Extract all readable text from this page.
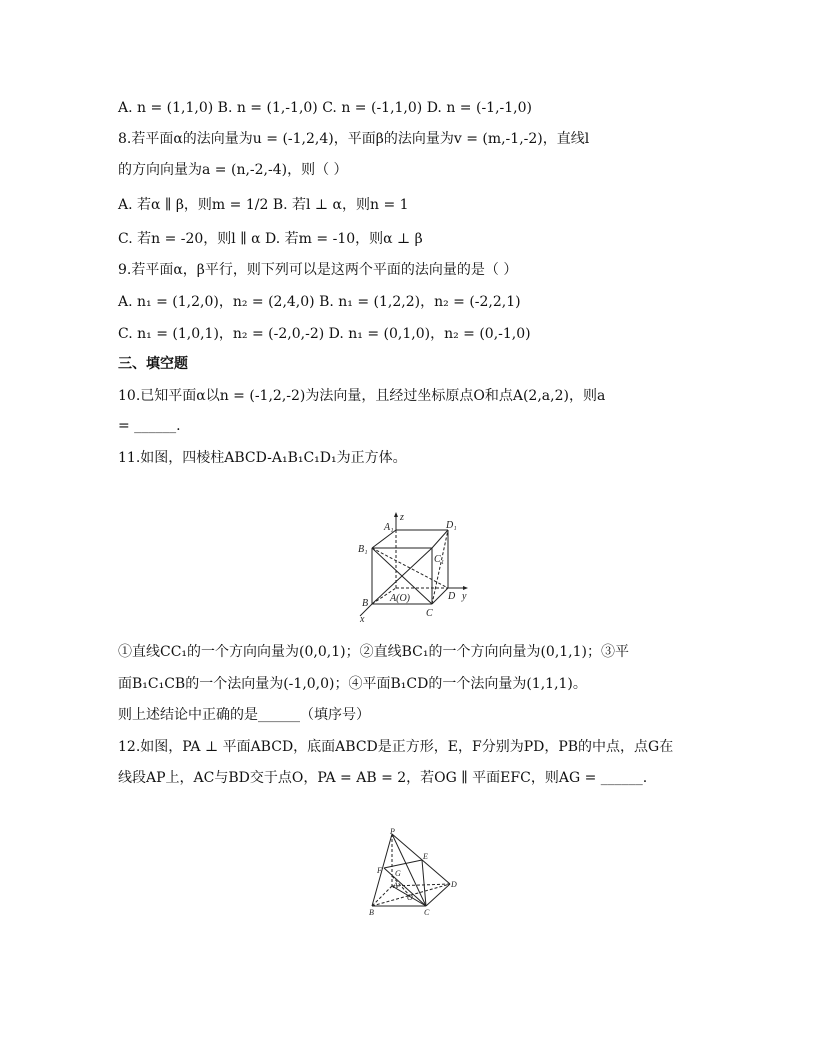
A. n = (1,1,0) B. n = (1,-1,0) C. n = (-1,1,0) D. n = (-1,-1,0)
8.若平面α的法向量为u = (-1,2,4)，平面β的法向量为v = (m,-1,-2)，直线l
的方向向量为a = (n,-2,-4)，则（ ）
A. 若α ∥ β，则m = 1/2 B. 若l ⊥ α，则n = 1
C. 若n = -20，则l ∥ α D. 若m = -10，则α ⊥ β
9.若平面α，β平行，则下列可以是这两个平面的法向量的是（ ）
A. n₁ = (1,2,0)，n₂ = (2,4,0) B. n₁ = (1,2,2)，n₂ = (-2,2,1)
C. n₁ = (1,0,1)，n₂ = (-2,0,-2) D. n₁ = (0,1,0)，n₂ = (0,-1,0)
三、填空题
10.已知平面α以n = (-1,2,-2)为法向量，且经过坐标原点O和点A(2,a,2)，则a
= ______.
11.如图，四棱柱ABCD-A₁B₁C₁D₁为正方体。
A₁
z
D₁
B₁
C₁
B A(O)	D y
C
x
①直线CC₁的一个方向向量为(0,0,1)；②直线BC₁的一个方向向量为(0,1,1)；③平
面B₁C₁CB的一个法向量为(-1,0,0)；④平面B₁CD的一个法向量为(1,1,1)。
则上述结论中正确的是______（填序号）
12.如图，PA ⊥ 平面ABCD，底面ABCD是正方形，E，F分别为PD，PB的中点，点G在
线段AP上，AC与BD交于点O，PA = AB = 2，若OG ∥ 平面EFC，则AG = ______.
P
E
F G
A	D
O
B	C
